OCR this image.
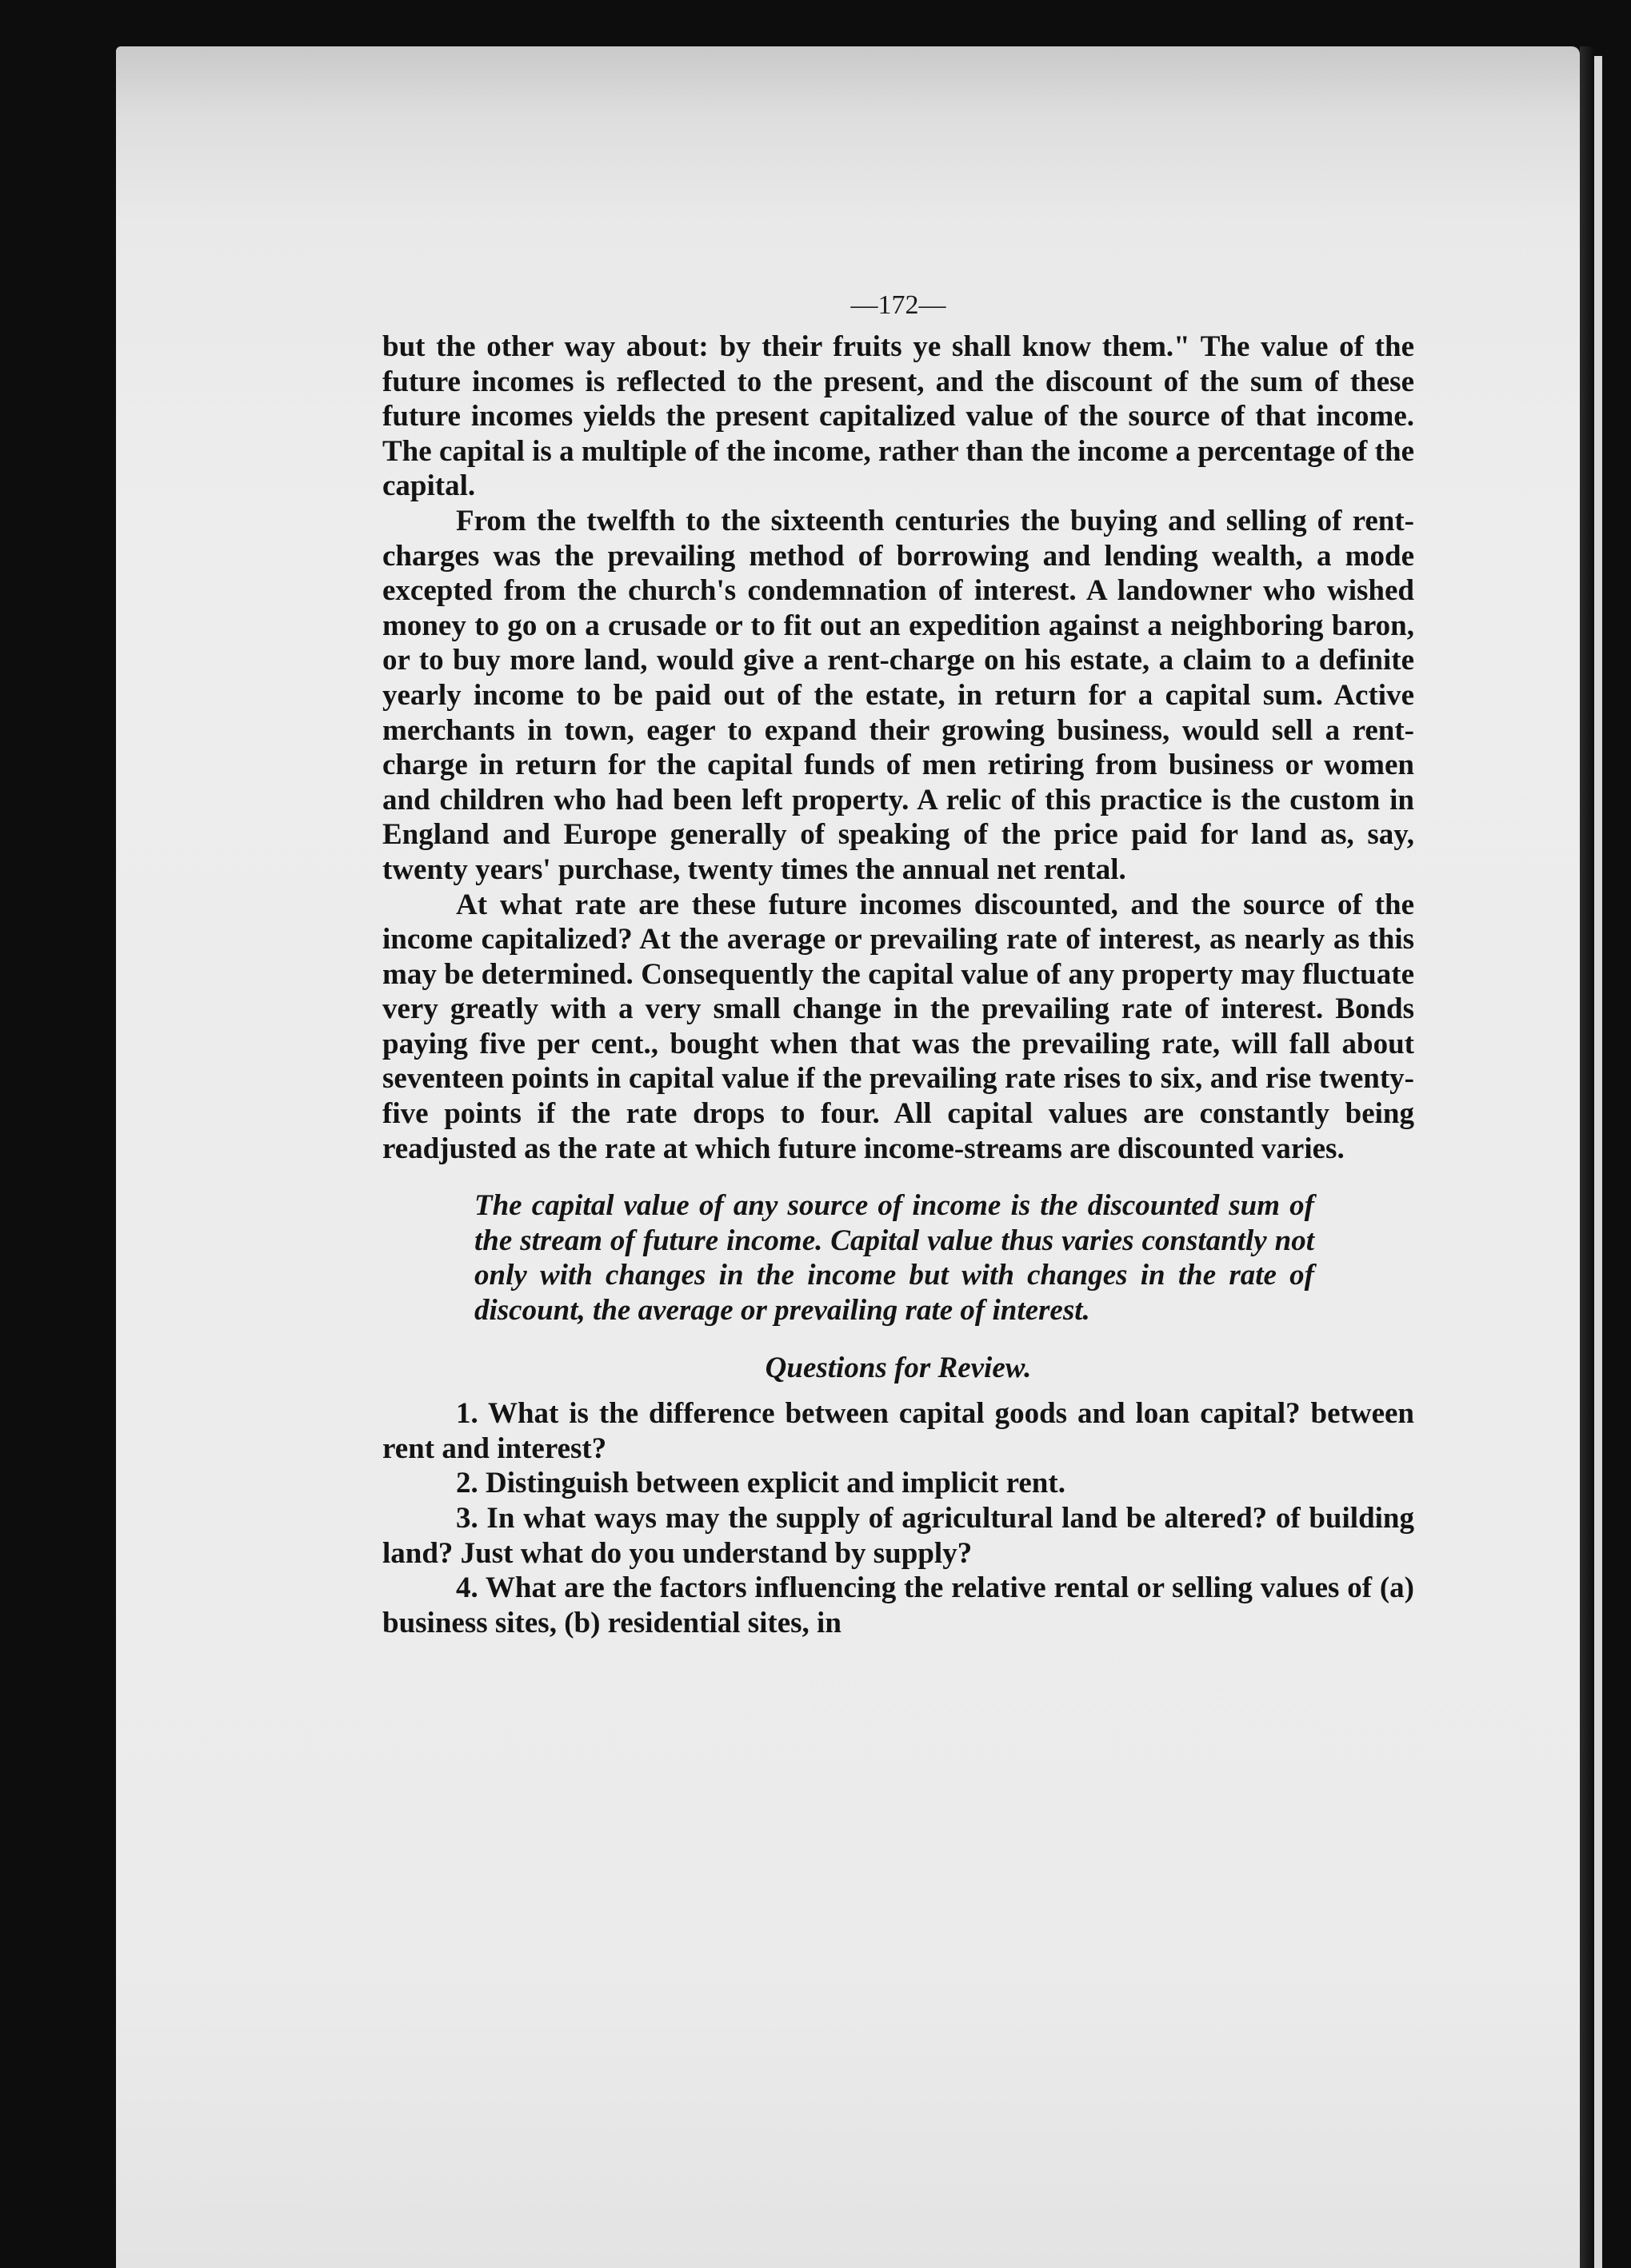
—172—

but the other way about: by their fruits ye shall know them." The value of the future incomes is reflected to the present, and the discount of the sum of these future incomes yields the present capitalized value of the source of that income. The capital is a multiple of the income, rather than the income a percentage of the capital.

From the twelfth to the sixteenth centuries the buying and selling of rent-charges was the prevailing method of borrowing and lending wealth, a mode excepted from the church's condemnation of interest. A landowner who wished money to go on a crusade or to fit out an expedition against a neighboring baron, or to buy more land, would give a rent-charge on his estate, a claim to a definite yearly income to be paid out of the estate, in return for a capital sum. Active merchants in town, eager to expand their growing business, would sell a rent-charge in return for the capital funds of men retiring from business or women and children who had been left property. A relic of this practice is the custom in England and Europe generally of speaking of the price paid for land as, say, twenty years' purchase, twenty times the annual net rental.

At what rate are these future incomes discounted, and the source of the income capitalized? At the average or prevailing rate of interest, as nearly as this may be determined. Consequently the capital value of any property may fluctuate very greatly with a very small change in the prevailing rate of interest. Bonds paying five per cent., bought when that was the prevailing rate, will fall about seventeen points in capital value if the prevailing rate rises to six, and rise twenty-five points if the rate drops to four. All capital values are constantly being readjusted as the rate at which future income-streams are discounted varies.

The capital value of any source of income is the discounted sum of the stream of future income. Capital value thus varies constantly not only with changes in the income but with changes in the rate of discount, the average or prevailing rate of interest.

Questions for Review.

1. What is the difference between capital goods and loan capital? between rent and interest?

2. Distinguish between explicit and implicit rent.

3. In what ways may the supply of agricultural land be altered? of building land? Just what do you understand by supply?

4. What are the factors influencing the relative rental or selling values of (a) business sites, (b) residential sites, in
